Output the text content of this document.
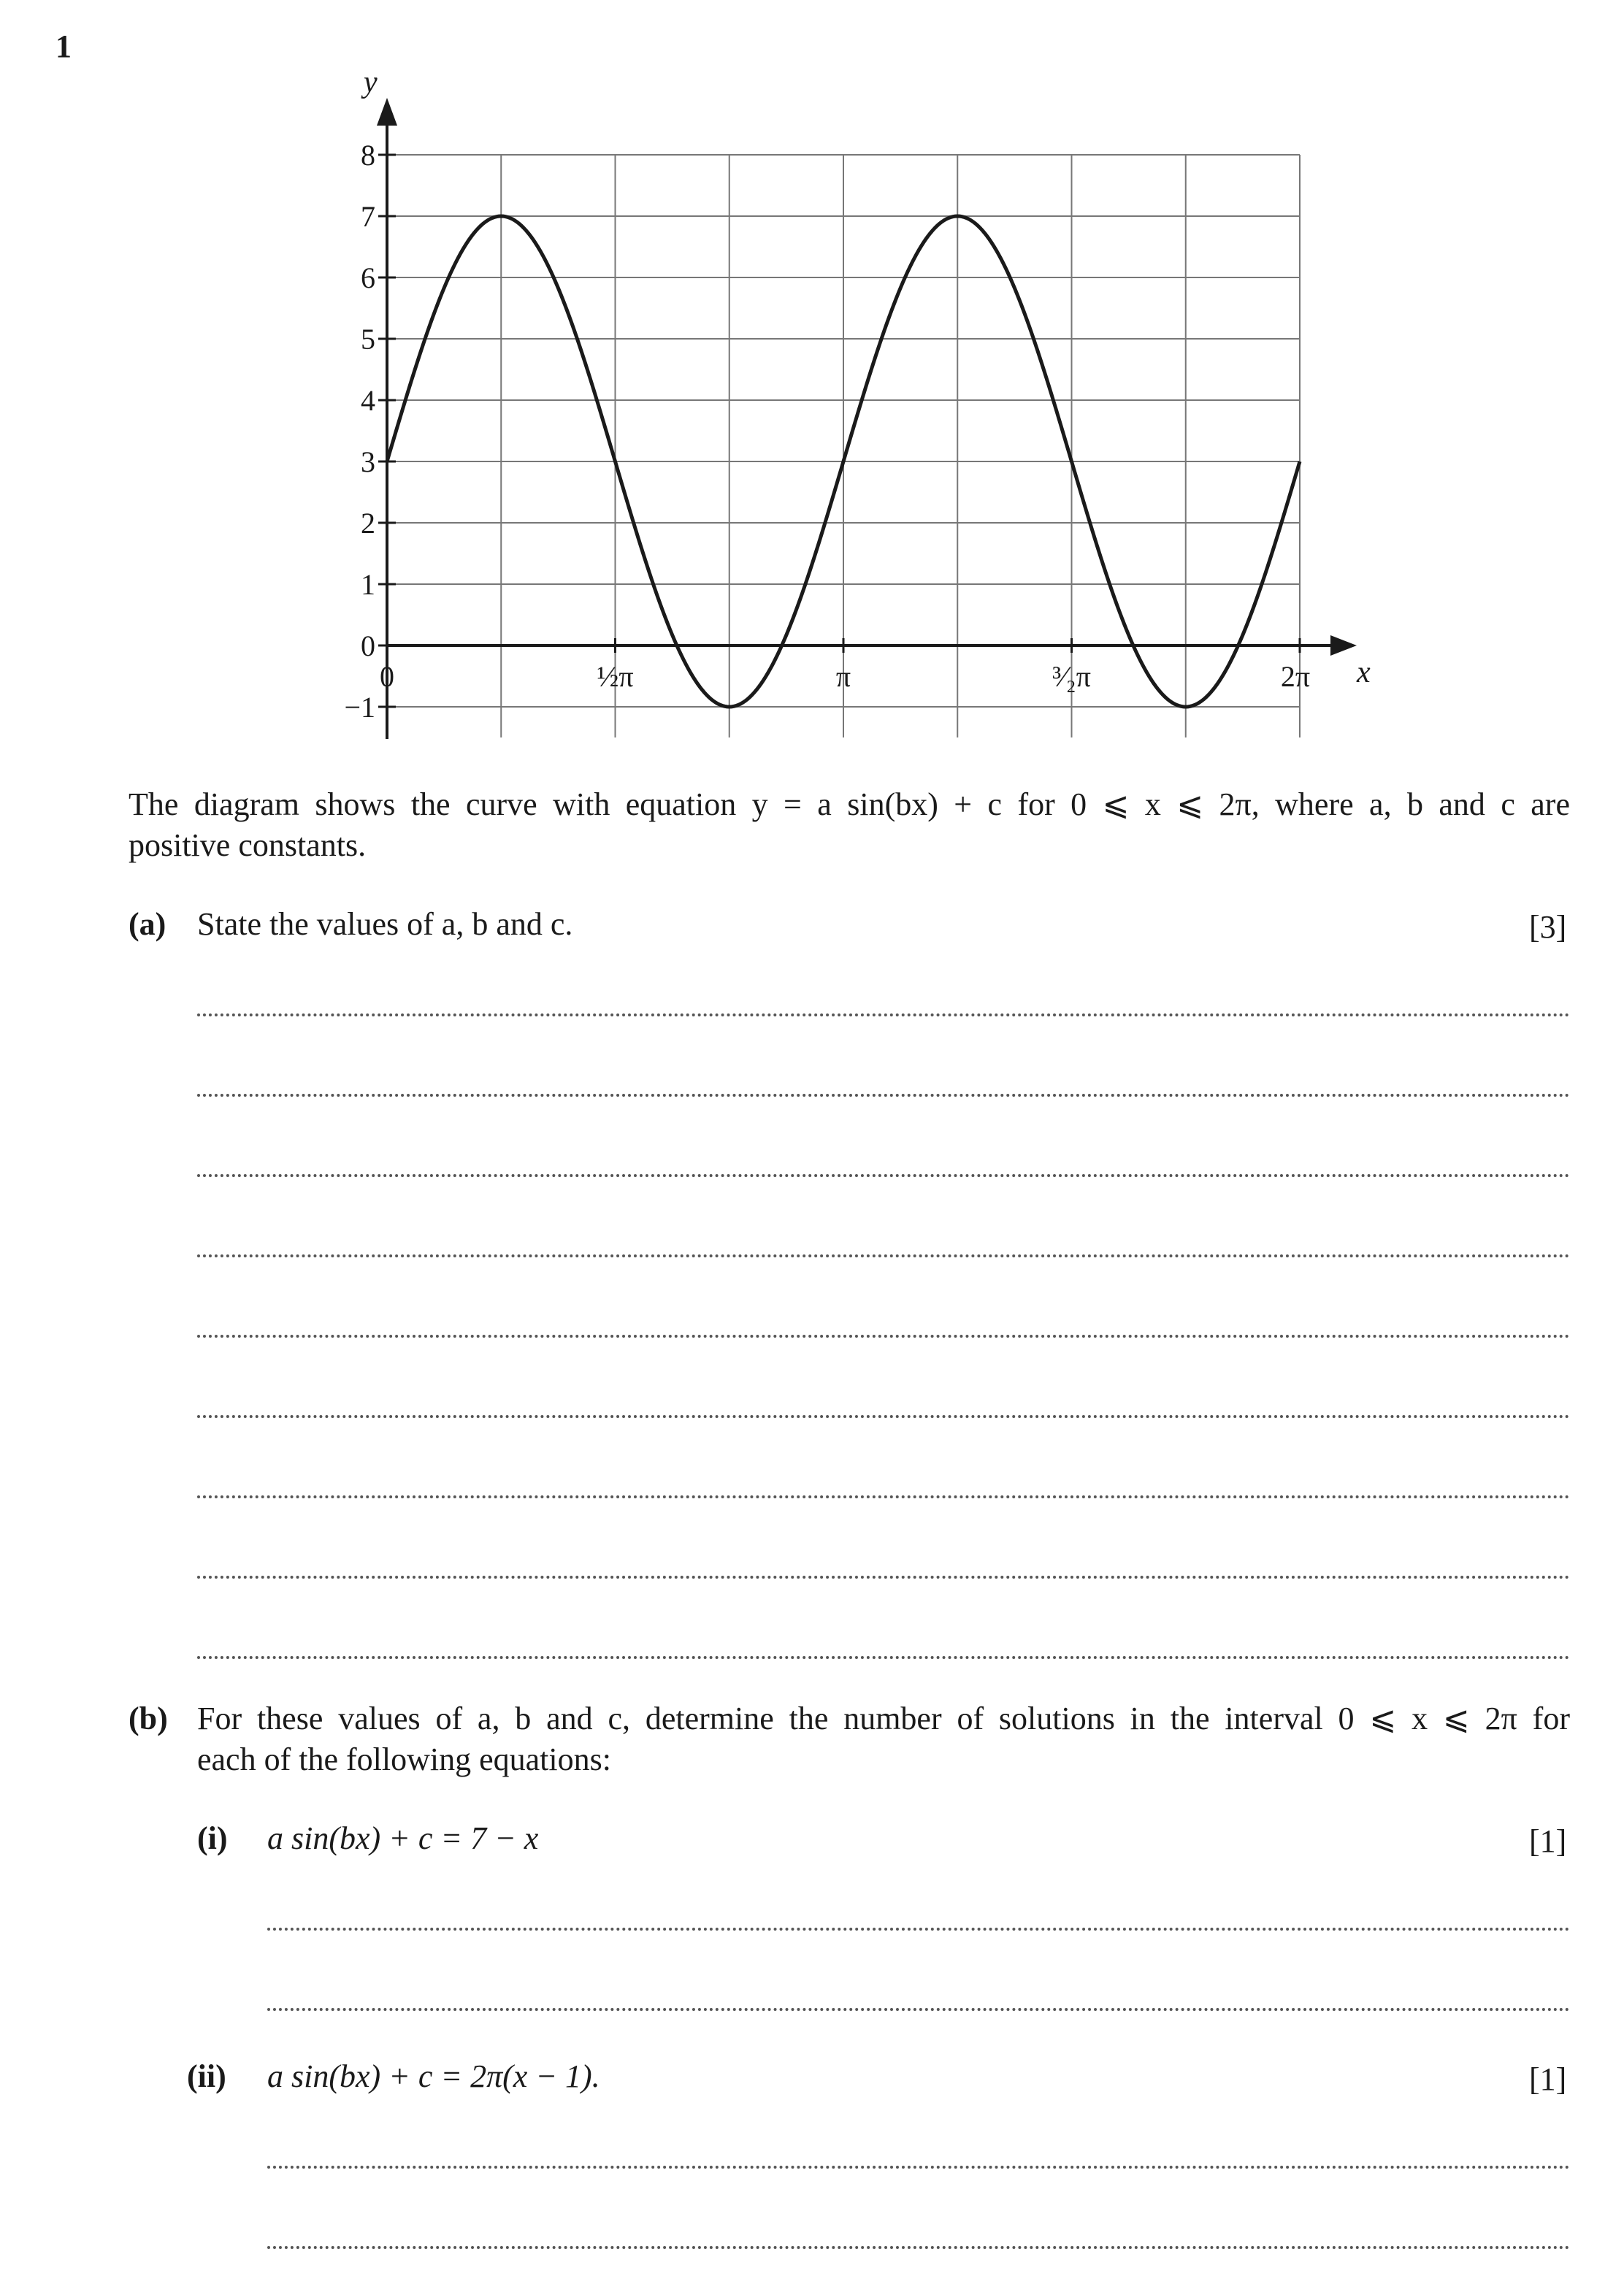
1
−1
0
1
2
3
4
5
6
7
8
0	½π	π	³⁄₂π	2π x
y
The diagram shows the curve with equation y = a sin(bx) + c for 0 ⩽ x ⩽ 2π, where a, b and c are
positive constants.
(a) State the values of a, b and c.	[3]
(b) For these values of a, b and c, determine the number of solutions in the interval 0 ⩽ x ⩽ 2π for
each of the following equations:
(i) a sin(bx) + c = 7 − x	[1]
(ii) a sin(bx) + c = 2π(x − 1).	[1]
